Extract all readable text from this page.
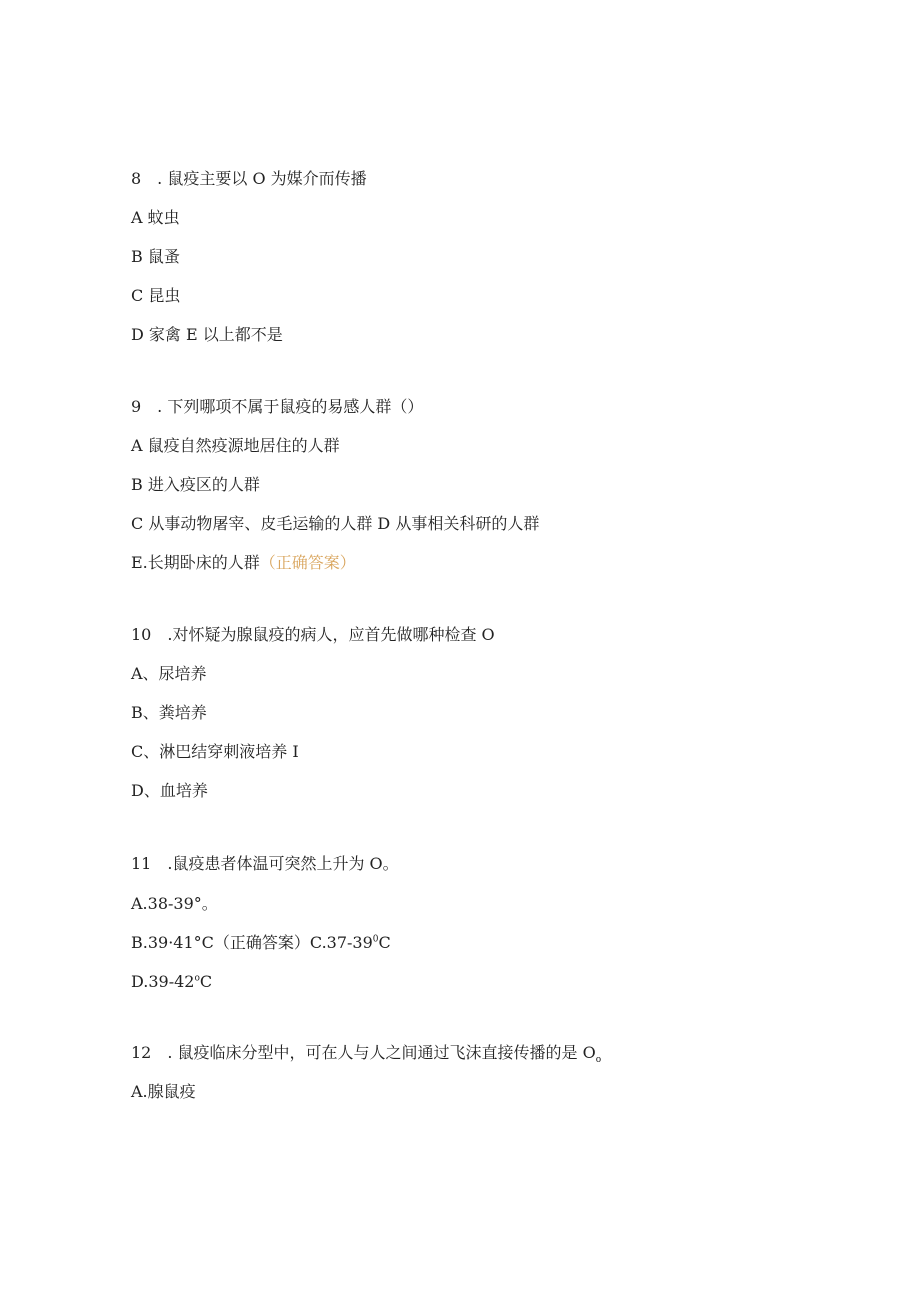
8　. 鼠疫主要以 O 为媒介而传播
A 蚊虫
B 鼠蚤
C 昆虫
D 家禽 E 以上都不是
9　. 下列哪项不属于鼠疫的易感人群（）
A 鼠疫自然疫源地居住的人群
B 进入疫区的人群
C 从事动物屠宰、皮毛运输的人群 D 从事相关科研的人群
E.长期卧床的人群（正确答案）
10　.对怀疑为腺鼠疫的病人，应首先做哪种检查 O
A、尿培养
B、粪培养
C、淋巴结穿刺液培养 I
D、血培养
11　.鼠疫患者体温可突然上升为 O。
A.38-39°。
B.39·41°C（正确答案）$C.37-39^0C$
D.39-42$^o$C
12　. 鼠疫临床分型中，可在人与人之间通过飞沫直接传播的是 $O_o$
A.腺鼠疫
